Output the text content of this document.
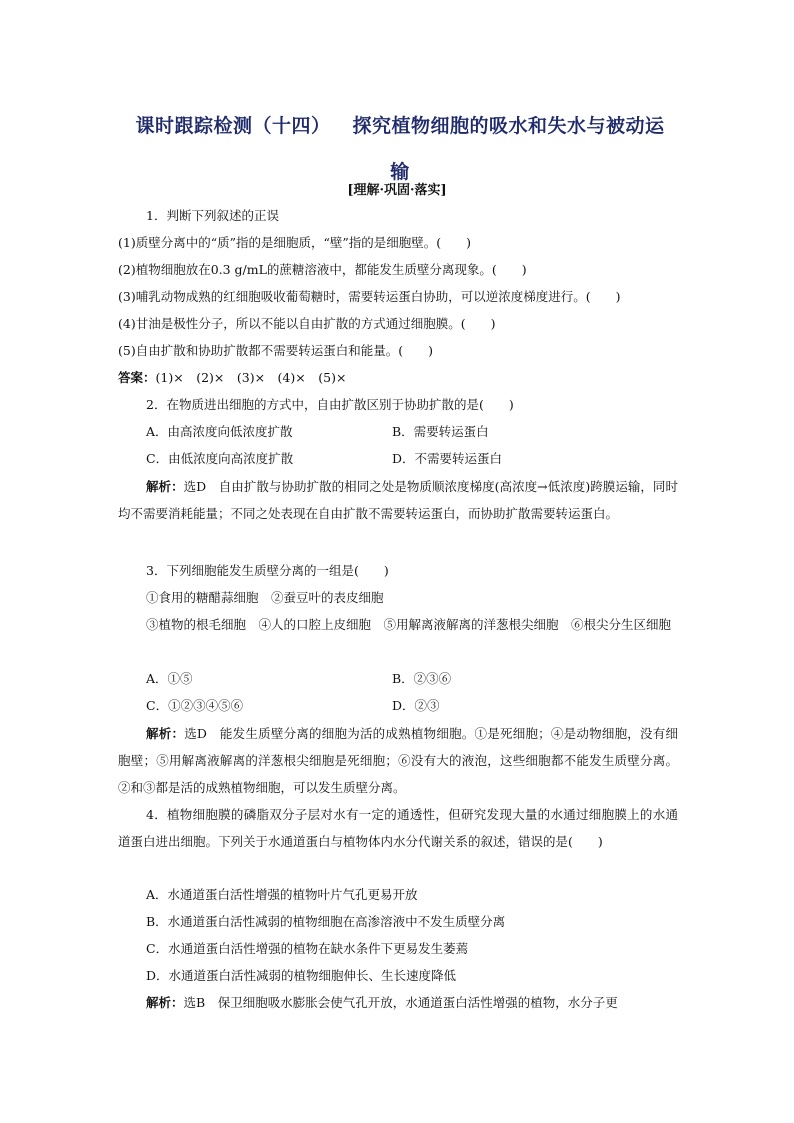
课时跟踪检测（十四） 探究植物细胞的吸水和失水与被动运
输
[理解·巩固·落实]
1．判断下列叙述的正误
(1)质壁分离中的“质”指的是细胞质，“壁”指的是细胞壁。(　　)
(2)植物细胞放在0.3 g/mL的蔗糖溶液中，都能发生质壁分离现象。(　　)
(3)哺乳动物成熟的红细胞吸收葡萄糖时，需要转运蛋白协助，可以逆浓度梯度进行。(　　)
(4)甘油是极性分子，所以不能以自由扩散的方式通过细胞膜。(　　)
(5)自由扩散和协助扩散都不需要转运蛋白和能量。(　　)
答案：(1)×　(2)×　(3)×　(4)×　(5)×
2．在物质进出细胞的方式中，自由扩散区别于协助扩散的是(　　)
A．由高浓度向低浓度扩散	B．需要转运蛋白
C．由低浓度向高浓度扩散	D．不需要转运蛋白
解析：选D　自由扩散与协助扩散的相同之处是物质顺浓度梯度(高浓度→低浓度)跨膜运输，同时均不需要消耗能量；不同之处表现在自由扩散不需要转运蛋白，而协助扩散需要转运蛋白。
3．下列细胞能发生质壁分离的一组是(　　)
①食用的糖醋蒜细胞　②蚕豆叶的表皮细胞
③植物的根毛细胞　④人的口腔上皮细胞　⑤用解离液解离的洋葱根尖细胞　⑥根尖分生区细胞
A．①⑤	B．②③⑥
C．①②③④⑤⑥	D．②③
解析：选D　能发生质壁分离的细胞为活的成熟植物细胞。①是死细胞；④是动物细胞，没有细胞壁；⑤用解离液解离的洋葱根尖细胞是死细胞；⑥没有大的液泡，这些细胞都不能发生质壁分离。②和③都是活的成熟植物细胞，可以发生质壁分离。
4．植物细胞膜的磷脂双分子层对水有一定的通透性，但研究发现大量的水通过细胞膜上的水通道蛋白进出细胞。下列关于水通道蛋白与植物体内水分代谢关系的叙述，错误的是(　　)
A．水通道蛋白活性增强的植物叶片气孔更易开放
B．水通道蛋白活性减弱的植物细胞在高渗溶液中不发生质壁分离
C．水通道蛋白活性增强的植物在缺水条件下更易发生萎蔫
D．水通道蛋白活性减弱的植物细胞伸长、生长速度降低
解析：选B　保卫细胞吸水膨胀会使气孔开放，水通道蛋白活性增强的植物，水分子更
